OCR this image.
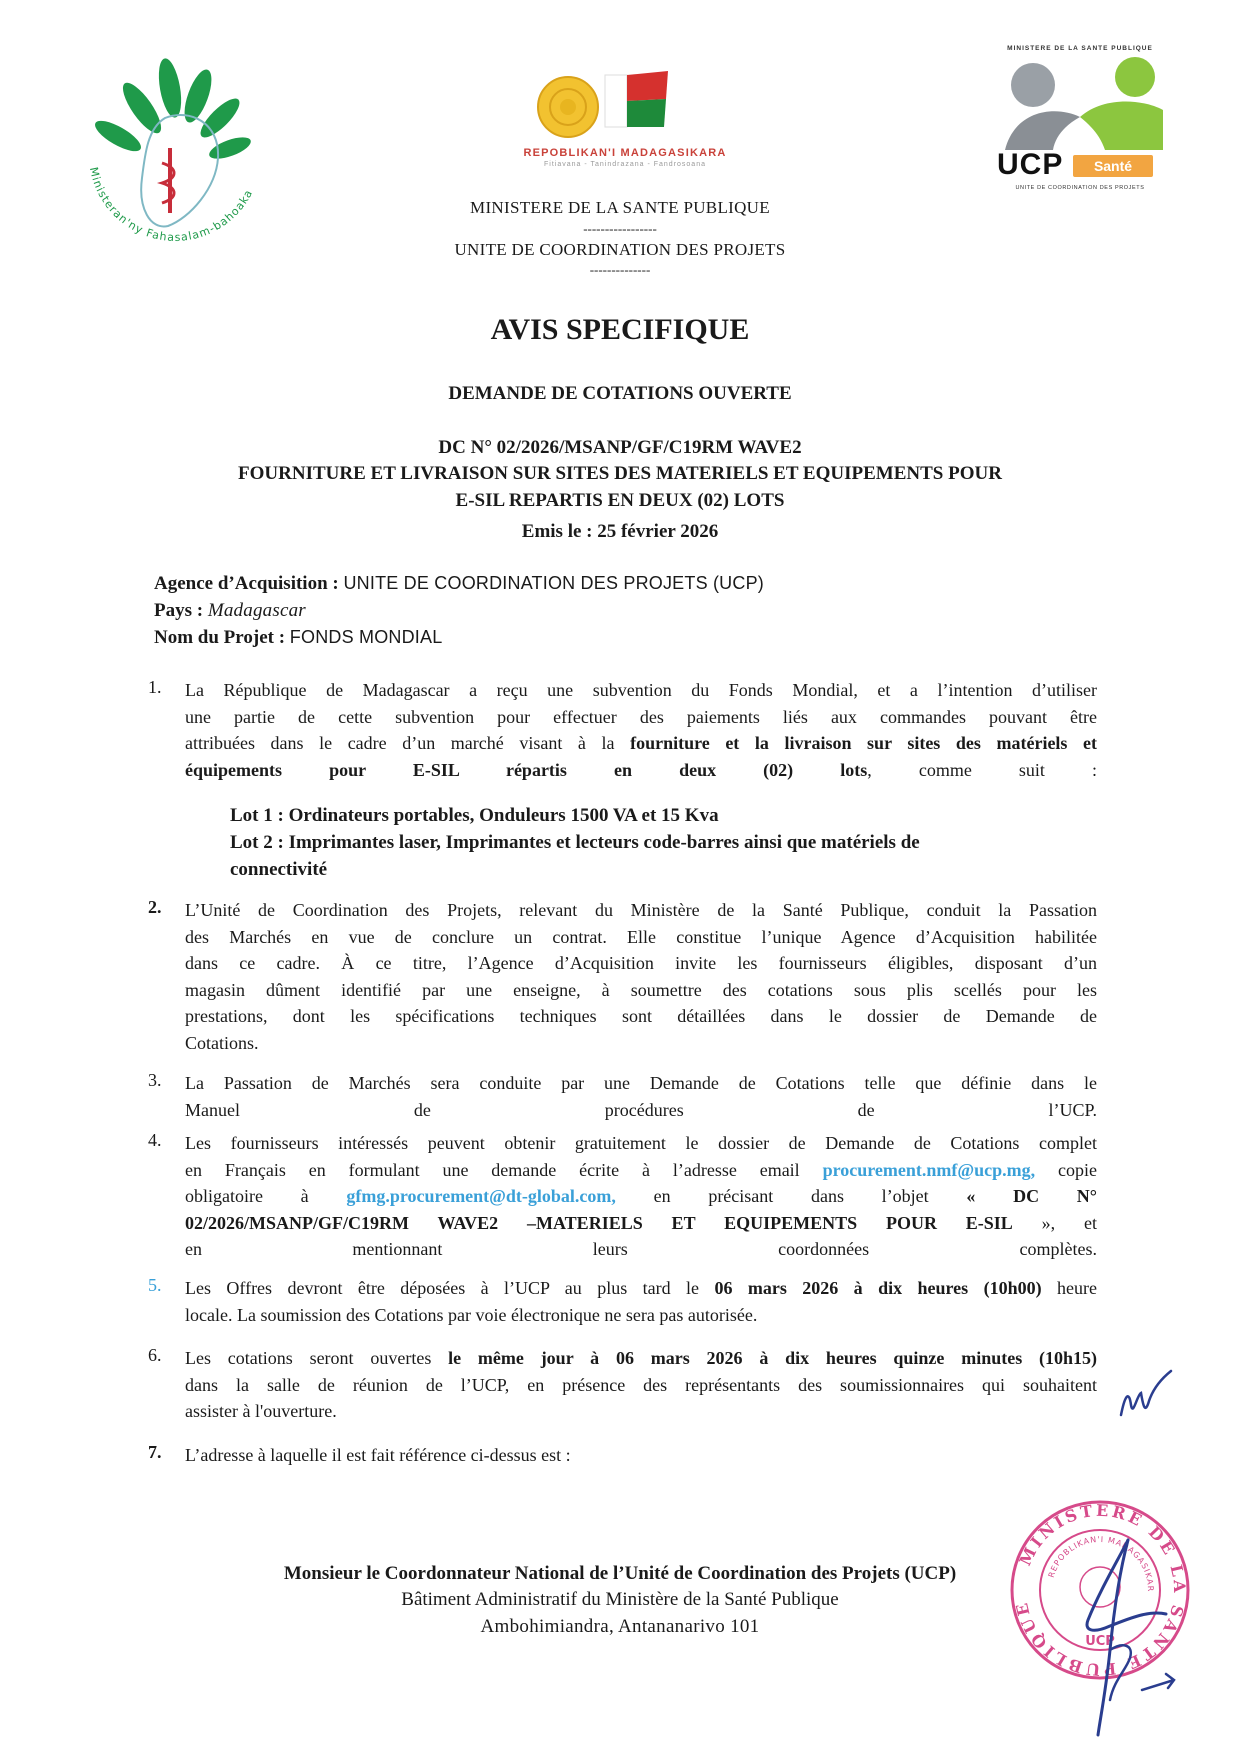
Ministeran'ny Fahasalam-bahoaka
REPOBLIKAN'I MADAGASIKARA
Fitiavana - Tanindrazana - Fandrosoana
MINISTERE DE LA SANTE PUBLIQUE
UCP	Santé
UNITE DE COORDINATION DES PROJETS
MINISTERE DE LA SANTE PUBLIQUE
-----------------
UNITE DE COORDINATION DES PROJETS
--------------
AVIS SPECIFIQUE
DEMANDE DE COTATIONS OUVERTE
DC N° 02/2026/MSANP/GF/C19RM WAVE2
FOURNITURE ET LIVRAISON SUR SITES DES MATERIELS ET EQUIPEMENTS POUR
E-SIL REPARTIS EN DEUX (02) LOTS
Emis le : 25 février 2026
Agence d’Acquisition : UNITE DE COORDINATION DES PROJETS (UCP)
Pays : Madagascar
Nom du Projet : FONDS MONDIAL
1.	La République de Madagascar a reçu une subvention du Fonds Mondial, et a l’intention d’utiliser
une partie de cette subvention pour effectuer des paiements liés aux commandes pouvant être
attribuées dans le cadre d’un marché visant à la fourniture et la livraison sur sites des matériels et
équipements pour E-SIL répartis en deux (02) lots, comme suit :
Lot 1 : Ordinateurs portables, Onduleurs 1500 VA et 15 Kva
Lot 2 : Imprimantes laser, Imprimantes et lecteurs code-barres ainsi que matériels de
connectivité
2.	L’Unité de Coordination des Projets, relevant du Ministère de la Santé Publique, conduit la Passation
des Marchés en vue de conclure un contrat. Elle constitue l’unique Agence d’Acquisition habilitée
dans ce cadre. À ce titre, l’Agence d’Acquisition invite les fournisseurs éligibles, disposant d’un
magasin dûment identifié par une enseigne, à soumettre des cotations sous plis scellés pour les
prestations, dont les spécifications techniques sont détaillées dans le dossier de Demande de
Cotations.
3.	La Passation de Marchés sera conduite par une Demande de Cotations telle que définie dans le
Manuel de procédures de l’UCP.
4.	Les fournisseurs intéressés peuvent obtenir gratuitement le dossier de Demande de Cotations complet
en Français en formulant une demande écrite à l’adresse email procurement.nmf@ucp.mg, copie
obligatoire à gfmg.procurement@dt-global.com, en précisant dans l’objet « DC N°
02/2026/MSANP/GF/C19RM WAVE2 –MATERIELS ET EQUIPEMENTS POUR E-SIL », et
en mentionnant leurs coordonnées complètes.
5.	Les Offres devront être déposées à l’UCP au plus tard le 06 mars 2026 à dix heures (10h00) heure
locale. La soumission des Cotations par voie électronique ne sera pas autorisée.
6.	Les cotations seront ouvertes le même jour à 06 mars 2026 à dix heures quinze minutes (10h15)
dans la salle de réunion de l’UCP, en présence des représentants des soumissionnaires qui souhaitent
assister à l'ouverture.
7.	L’adresse à laquelle il est fait référence ci-dessus est :
Monsieur le Coordonnateur National de l’Unité de Coordination des Projets (UCP)
Bâtiment Administratif du Ministère de la Santé Publique
Ambohimiandra, Antananarivo 101
MINISTERE DE LA SANTE PUBLIQUE
REPOBLIKAN'I MADAGASIKAR
UCP
